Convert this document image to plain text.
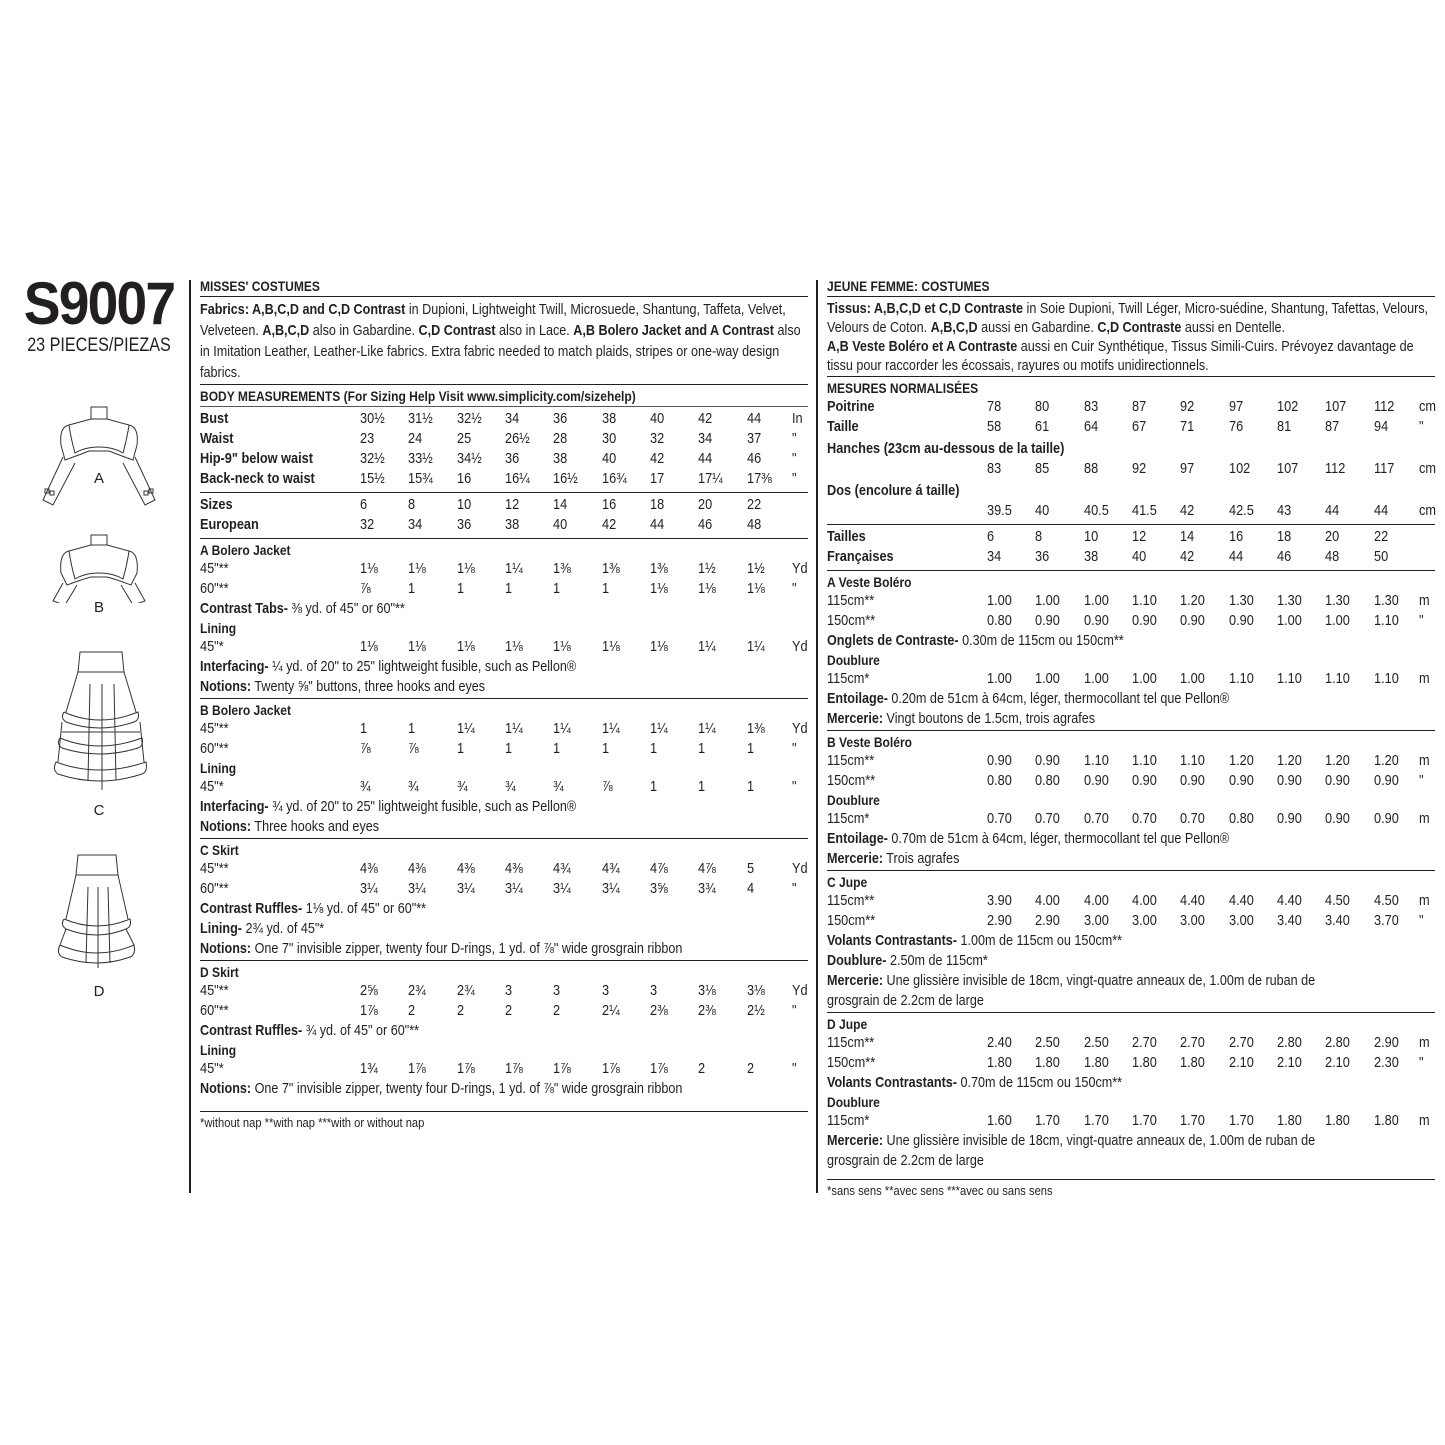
S9007
23 PIECES/PIEZAS
A
B
C
D
MISSES' COSTUMES
Fabrics: A,B,C,D and C,D Contrast in Dupioni, Lightweight Twill, Microsuede, Shantung, Taffeta, Velvet, Velveteen. A,B,C,D also in Gabardine. C,D Contrast also in Lace. A,B Bolero Jacket and A Contrast also in Imitation Leather, Leather-Like fabrics. Extra fabric needed to match plaids, stripes or one-way design fabrics.
BODY MEASUREMENTS (For Sizing Help Visit www.simplicity.com/sizehelp)
Bust	30½ 31½ 32½ 34 36 38 40 42 44 In
Waist	23 24 25 26½ 28 30 32 34 37 "
Hip-9" below waist	32½ 33½ 34½ 36 38 40 42 44 46 "
Back-neck to waist	15½ 15¾ 16 16¼ 16½ 16¾ 17 17¼ 17⅜ "
Sizes	6	8	10 12 14 16 18 20 22
European	32 34 36 38 40 42 44 46 48
A Bolero Jacket
45"**	1⅛ 1⅛ 1⅛ 1¼ 1⅜ 1⅜ 1⅜ 1½ 1½ Yd
60"**	⅞ 1	1	1	1	1	1⅛ 1⅛ 1⅛ "
Contrast Tabs- ⅜ yd. of 45" or 60"**
Lining
45"*	1⅛ 1⅛ 1⅛ 1⅛ 1⅛ 1⅛ 1⅛ 1¼ 1¼ Yd
Interfacing- ¼ yd. of 20" to 25" lightweight fusible, such as Pellon®
Notions: Twenty ⅝" buttons, three hooks and eyes
B Bolero Jacket
45"**	1	1	1¼ 1¼ 1¼ 1¼ 1¼ 1¼ 1⅜ Yd
60"**	⅞ ⅞	1	1	1	1	1	1	1	"
Lining
45"*	¾ ¾	¾ ¾ ¾	⅞ 1	1	1	"
Interfacing- ¾ yd. of 20" to 25" lightweight fusible, such as Pellon®
Notions: Three hooks and eyes
C Skirt
45"**	4⅜ 4⅜ 4⅜ 4⅜ 4¾ 4¾ 4⅞ 4⅞ 5	Yd
60"**	3¼ 3¼ 3¼ 3¼ 3¼ 3¼ 3⅝ 3¾ 4	"
Contrast Ruffles- 1⅛ yd. of 45" or 60"**
Lining- 2¾ yd. of 45"*
Notions: One 7" invisible zipper, twenty four D-rings, 1 yd. of ⅞" wide grosgrain ribbon
D Skirt
45"**	2⅝ 2¾ 2¾ 3	3	3	3	3⅛ 3⅛ Yd
60"**	1⅞ 2	2	2	2	2¼ 2⅜ 2⅜ 2½ "
Contrast Ruffles- ¾ yd. of 45" or 60"**
Lining
45"*	1¾ 1⅞ 1⅞ 1⅞ 1⅞ 1⅞ 1⅞ 2	2	"
Notions: One 7" invisible zipper, twenty four D-rings, 1 yd. of ⅞" wide grosgrain ribbon
*without nap **with nap ***with or without nap
JEUNE FEMME: COSTUMES
Tissus: A,B,C,D et C,D Contraste in Soie Dupioni, Twill Léger, Micro-suédine, Shantung, Tafettas, Velours, Velours de Coton. A,B,C,D aussi en Gabardine. C,D Contraste aussi en Dentelle.
A,B Veste Boléro et A Contraste aussi en Cuir Synthétique, Tissus Simili-Cuirs. Prévoyez davantage de tissu pour raccorder les écossais, rayures ou motifs unidirectionnels.
MESURES NORMALISÉES
Poitrine	78 80 83 87 92 97 102 107 112 cm
Taille	58 61 64 67 71 76 81 87 94 "
Hanches (23cm au-dessous de la taille)
83 85 88 92 97 102 107 112 117 cm
Dos (encolure á taille)
39.5 40 40.5 41.5 42 42.5 43 44 44 cm
Tailles	6	8	10 12 14 16 18 20 22
Françaises	34 36 38 40 42 44 46 48 50
A Veste Boléro
115cm**	1.00 1.00 1.00 1.10 1.20 1.30 1.30 1.30 1.30 m
150cm**	0.80 0.90 0.90 0.90 0.90 0.90 1.00 1.00 1.10 "
Onglets de Contraste- 0.30m de 115cm ou 150cm**
Doublure
115cm*	1.00 1.00 1.00 1.00 1.00 1.10 1.10 1.10 1.10 m
Entoilage- 0.20m de 51cm à 64cm, léger, thermocollant tel que Pellon®
Mercerie: Vingt boutons de 1.5cm, trois agrafes
B Veste Boléro
115cm**	0.90 0.90 1.10 1.10 1.10 1.20 1.20 1.20 1.20 m
150cm**	0.80 0.80 0.90 0.90 0.90 0.90 0.90 0.90 0.90 "
Doublure
115cm*	0.70 0.70 0.70 0.70 0.70 0.80 0.90 0.90 0.90 m
Entoilage- 0.70m de 51cm à 64cm, léger, thermocollant tel que Pellon®
Mercerie: Trois agrafes
C Jupe
115cm**	3.90 4.00 4.00 4.00 4.40 4.40 4.40 4.50 4.50 m
150cm**	2.90 2.90 3.00 3.00 3.00 3.00 3.40 3.40 3.70 "
Volants Contrastants- 1.00m de 115cm ou 150cm**
Doublure- 2.50m de 115cm*
Mercerie: Une glissière invisible de 18cm, vingt-quatre anneaux de, 1.00m de ruban de
grosgrain de 2.2cm de large
D Jupe
115cm**	2.40 2.50 2.50 2.70 2.70 2.70 2.80 2.80 2.90 m
150cm**	1.80 1.80 1.80 1.80 1.80 2.10 2.10 2.10 2.30 "
Volants Contrastants- 0.70m de 115cm ou 150cm**
Doublure
115cm*	1.60 1.70 1.70 1.70 1.70 1.70 1.80 1.80 1.80 m
Mercerie: Une glissière invisible de 18cm, vingt-quatre anneaux de, 1.00m de ruban de
grosgrain de 2.2cm de large
*sans sens **avec sens ***avec ou sans sens
